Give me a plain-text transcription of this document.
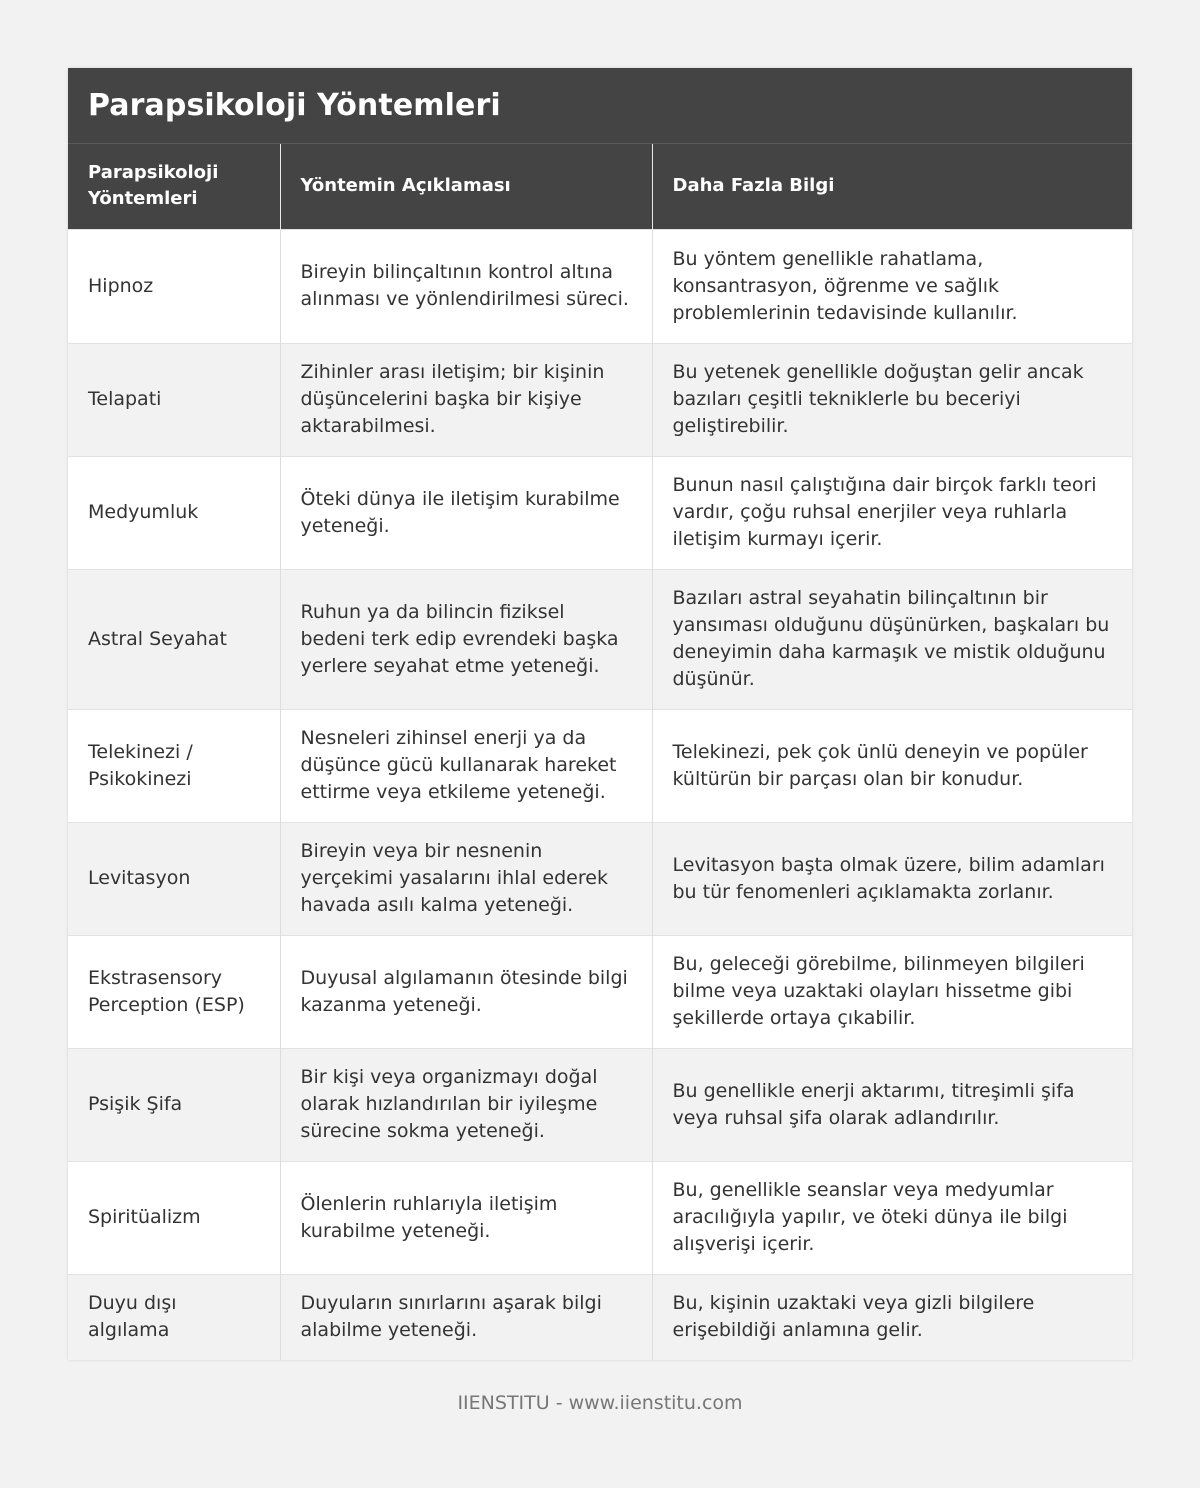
Parapsikoloji Yöntemleri
Parapsikoloji Yöntemleri	Yöntemin Açıklaması	Daha Fazla Bilgi
Hipnoz	Bireyin bilinçaltının kontrol altına alınması ve yönlendirilmesi süreci.	Bu yöntem genellikle rahatlama, konsantrasyon, öğrenme ve sağlık problemlerinin tedavisinde kullanılır.
Telapati	Zihinler arası iletişim; bir kişinin düşüncelerini başka bir kişiye aktarabilmesi.	Bu yetenek genellikle doğuştan gelir ancak bazıları çeşitli tekniklerle bu beceriyi geliştirebilir.
Medyumluk	Öteki dünya ile iletişim kurabilme yeteneği.	Bunun nasıl çalıştığına dair birçok farklı teori vardır, çoğu ruhsal enerjiler veya ruhlarla iletişim kurmayı içerir.
Astral Seyahat	Ruhun ya da bilincin fiziksel bedeni terk edip evrendeki başka yerlere seyahat etme yeteneği.	Bazıları astral seyahatin bilinçaltının bir yansıması olduğunu düşünürken, başkaları bu deneyimin daha karmaşık ve mistik olduğunu düşünür.
Telekinezi / Psikokinezi	Nesneleri zihinsel enerji ya da düşünce gücü kullanarak hareket ettirme veya etkileme yeteneği.	Telekinezi, pek çok ünlü deneyin ve popüler kültürün bir parçası olan bir konudur.
Levitasyon	Bireyin veya bir nesnenin yerçekimi yasalarını ihlal ederek havada asılı kalma yeteneği.	Levitasyon başta olmak üzere, bilim adamları bu tür fenomenleri açıklamakta zorlanır.
Ekstrasensory Perception (ESP)	Duyusal algılamanın ötesinde bilgi kazanma yeteneği.	Bu, geleceği görebilme, bilinmeyen bilgileri bilme veya uzaktaki olayları hissetme gibi şekillerde ortaya çıkabilir.
Psişik Şifa	Bir kişi veya organizmayı doğal olarak hızlandırılan bir iyileşme sürecine sokma yeteneği.	Bu genellikle enerji aktarımı, titreşimli şifa veya ruhsal şifa olarak adlandırılır.
Spiritüalizm	Ölenlerin ruhlarıyla iletişim kurabilme yeteneği.	Bu, genellikle seanslar veya medyumlar aracılığıyla yapılır, ve öteki dünya ile bilgi alışverişi içerir.
Duyu dışı algılama	Duyuların sınırlarını aşarak bilgi alabilme yeteneği.	Bu, kişinin uzaktaki veya gizli bilgilere erişebildiği anlamına gelir.
IIENSTITU - www.iienstitu.com
